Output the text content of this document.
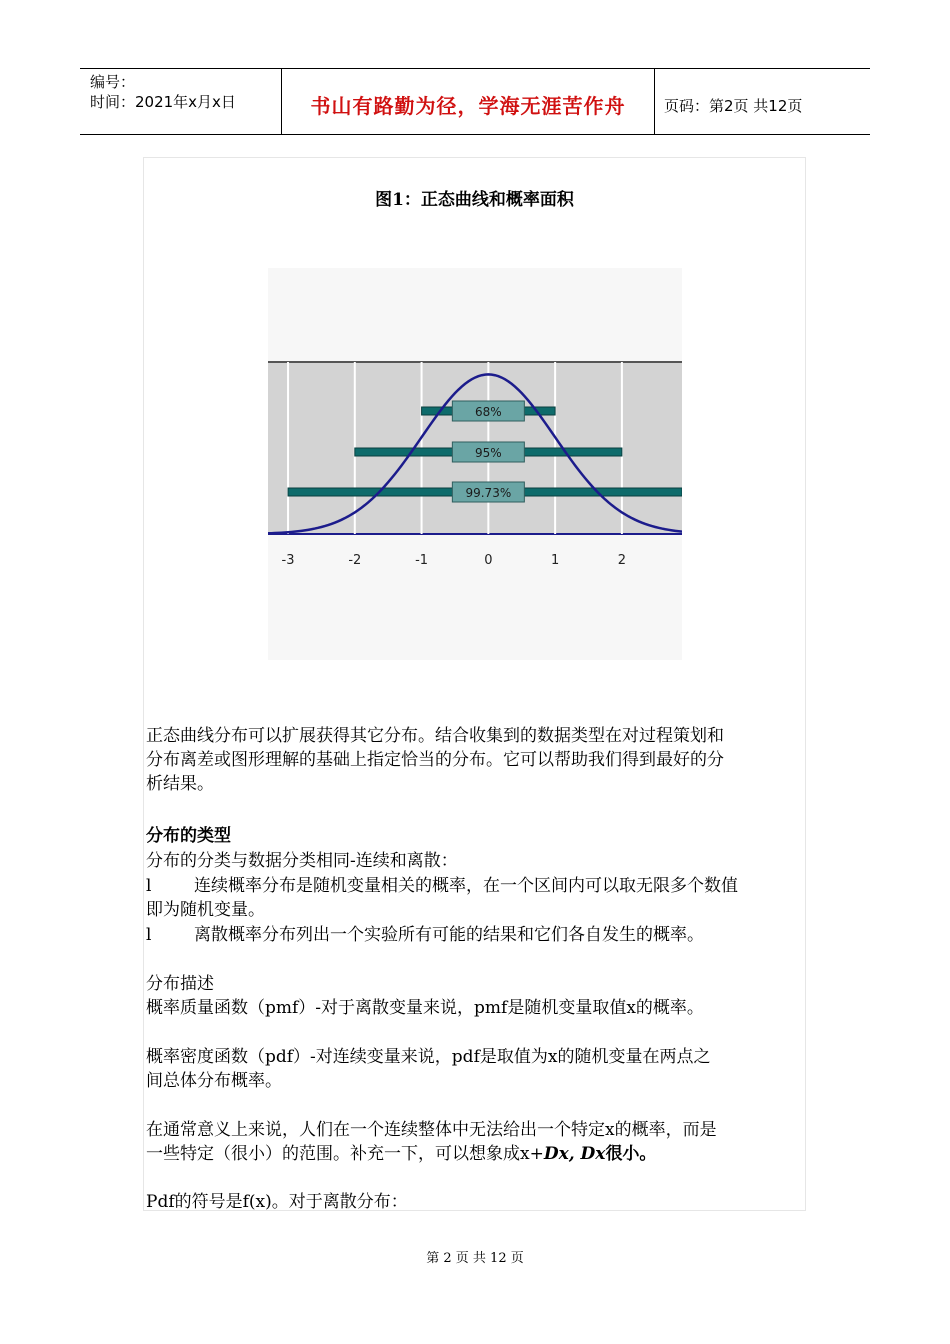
编号：
时间：2021年x月x日	书山有路勤为径，学海无涯苦作舟	页码：第2页 共12页
图1：正态曲线和概率面积
68%
95%
99.73%
-3	-2	-1	0	1	2
正态曲线分布可以扩展获得其它分布。结合收集到的数据类型在对过程策划和
分布离差或图形理解的基础上指定恰当的分布。它可以帮助我们得到最好的分
析结果。
分布的类型
分布的分类与数据分类相同-连续和离散：
l	连续概率分布是随机变量相关的概率，在一个区间内可以取无限多个数值
即为随机变量。
l	离散概率分布列出一个实验所有可能的结果和它们各自发生的概率。
分布描述
概率质量函数（pmf）-对于离散变量来说，pmf是随机变量取值x的概率。
概率密度函数（pdf）-对连续变量来说，pdf是取值为x的随机变量在两点之
间总体分布概率。
在通常意义上来说，人们在一个连续整体中无法给出一个特定x的概率，而是
一些特定（很小）的范围。补充一下，可以想象成x+Dx, Dx很小。
Pdf的符号是f(x)。对于离散分布：
第 2 页 共 12 页
